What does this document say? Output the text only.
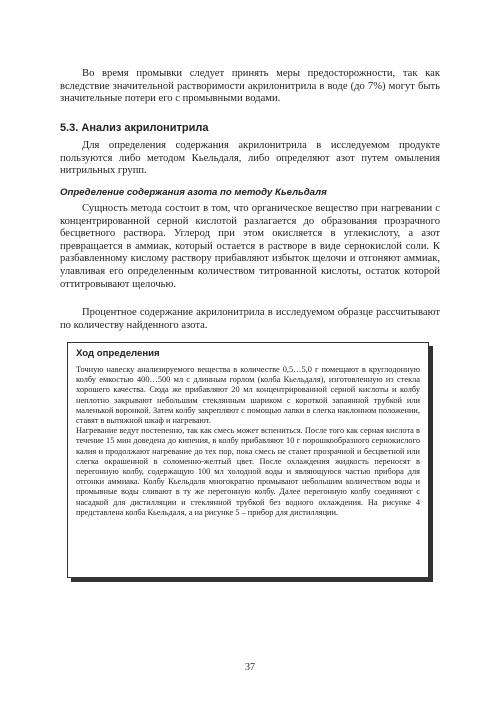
Во время промывки следует принять меры предосторожности, так как вследствие значительной растворимости акрилонитрила в воде (до 7%) могут быть значительные потери его с промывными водами.

5.3. Анализ акрилонитрила

Для определения содержания акрилонитрила в исследуемом продукте пользуются либо методом Кьельдаля, либо определяют азот путем омыления нитрильных групп.

Определение содержания азота по методу Кьельдаля

Сущность метода состоит в том, что органическое вещество при нагревании с концентрированной серной кислотой разлагается до образования прозрачного бесцветного раствора. Углерод при этом окисляется в углекислоту, а азот превращается в аммиак, который остается в растворе в виде сернокислой соли. К разбавленному кислому раствору прибавляют избыток щелочи и отгоняют аммиак, улавливая его определенным количеством титрованной кислоты, остаток которой оттитровывают щелочью.

Процентное содержание акрилонитрила в исследуемом образце рассчитывают по количеству найденного азота.

Ход определения

Точную навеску анализируемого вещества в количестве 0,5…5,0 г помещают в круглодонную колбу емкостью 400…500 мл с длинным горлом (колба Кьельдаля), изготовленную из стекла хорошего качества. Сюда же прибавляют 20 мл концентрированной серной кислоты и колбу неплотно закрывают небольшим стеклянным шариком с короткой запаянной трубкой или маленькой воронкой. Затем колбу закрепляют с помощью лапки в слегка наклонном положении, ставят в вытяжной шкаф и нагревают.

Нагревание ведут постепенно, так как смесь может вспениться. После того как серная кислота в течение 15 мин доведена до кипения, в колбу прибавляют 10 г порошкообразного сернокислого калия и продолжают нагревание до тех пор, пока смесь не станет прозрачной и бесцветной или слегка окрашенной в соломенно-желтый цвет. После охлаждения жидкость переносят в перегонную колбу, содержащую 100 мл холодной воды и являющуюся частью прибора для отгонки аммиака. Колбу Кьельдаля многократно промывают небольшим количеством воды и промывные воды сливают в ту же перегонную колбу. Далее перегонную колбу соединяют с насадкой для дистилляции и стеклянной трубкой без водного охлаждения. На рисунке 4 представлена колба Кьельдаля, а на рисунке 5 – прибор для дистилляции.

37
